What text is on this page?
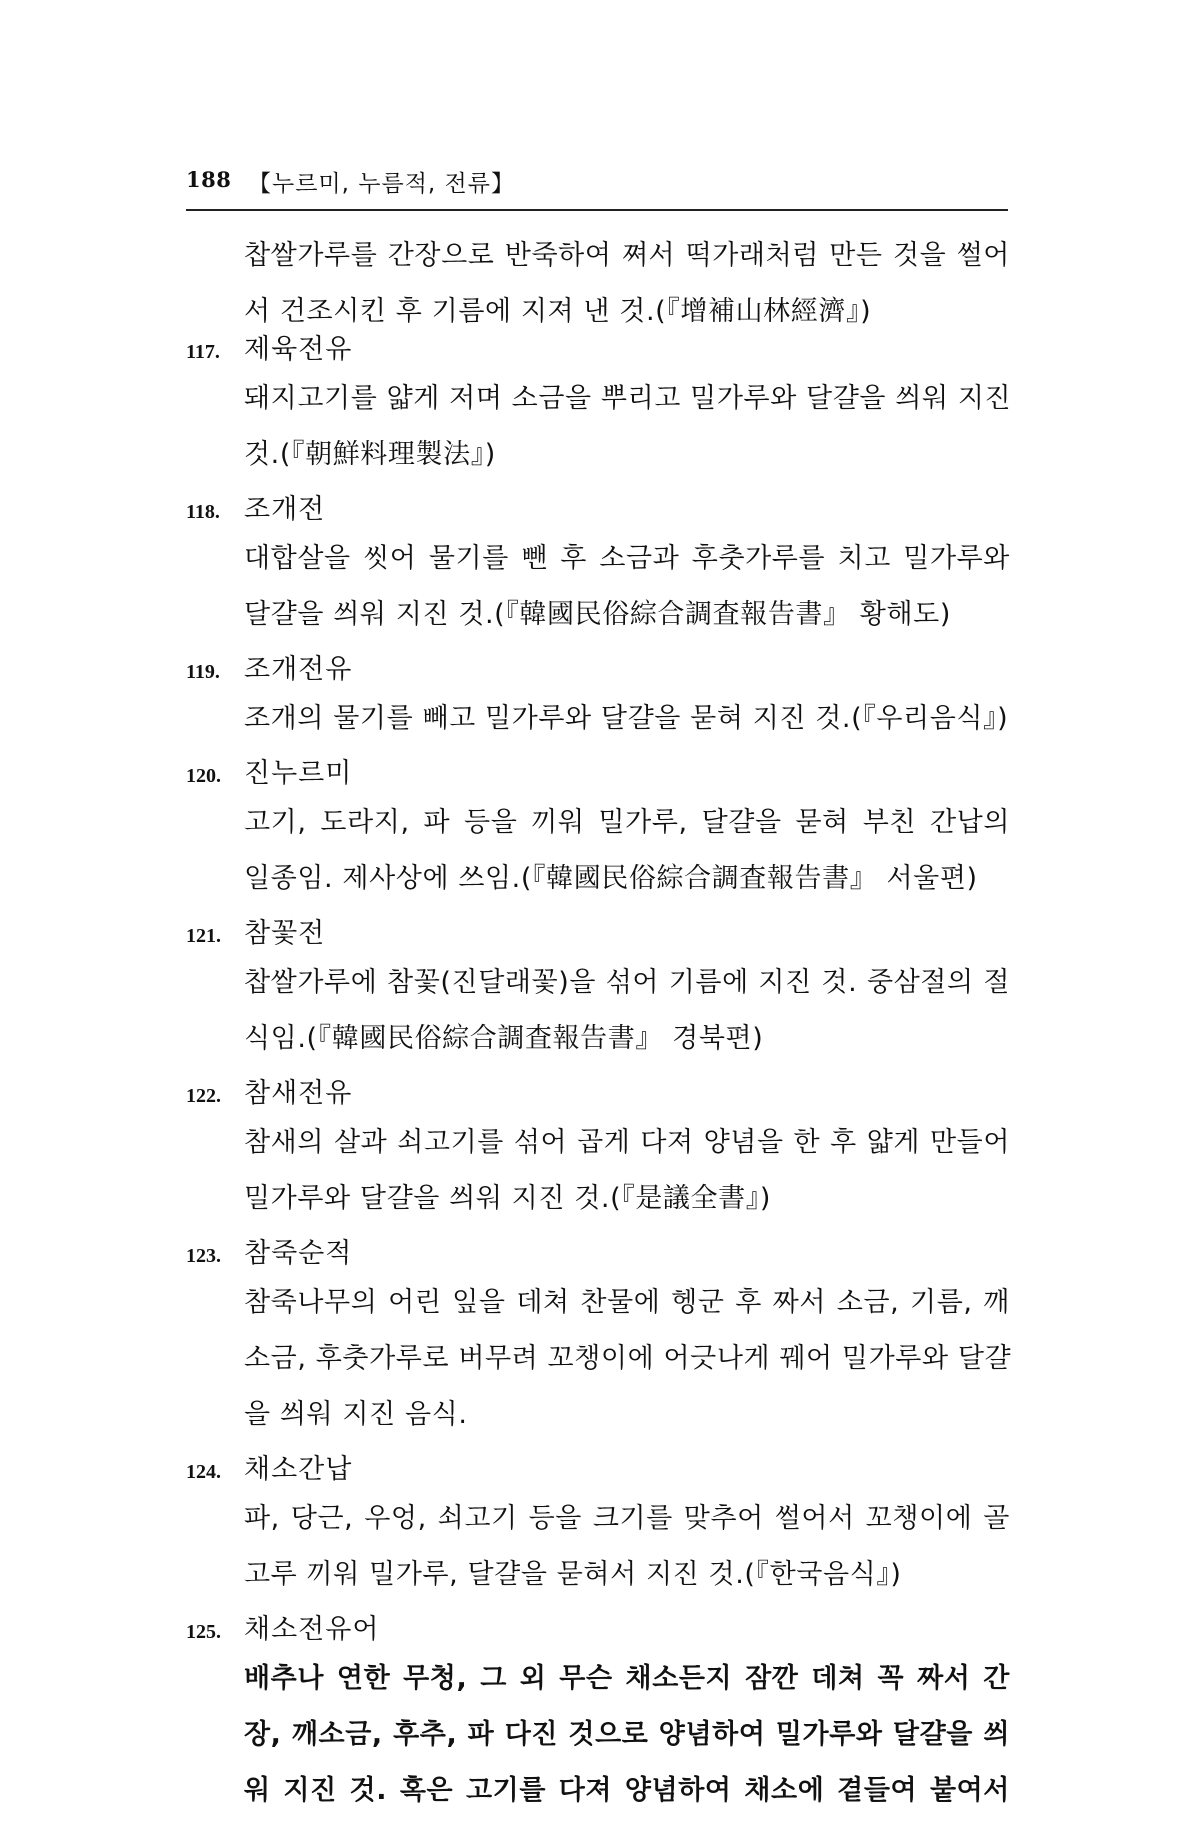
188 【누르미, 누름적, 전류】
찹쌀가루를 간장으로 반죽하여 쪄서 떡가래처럼 만든 것을 썰어
서 건조시킨 후 기름에 지져 낸 것.(『增補山林經濟』)
117. 제육전유
돼지고기를 얇게 저며 소금을 뿌리고 밀가루와 달걀을 씌워 지진
것.(『朝鮮料理製法』)
118. 조개전
대합살을 씻어 물기를 뺀 후 소금과 후춧가루를 치고 밀가루와
달걀을 씌워 지진 것.(『韓國民俗綜合調査報告書』 황해도)
119. 조개전유
조개의 물기를 빼고 밀가루와 달걀을 묻혀 지진 것.(『우리음식』)
120. 진누르미
고기, 도라지, 파 등을 끼워 밀가루, 달걀을 묻혀 부친 간납의
일종임. 제사상에 쓰임.(『韓國民俗綜合調査報告書』 서울편)
121. 참꽃전
찹쌀가루에 참꽃(진달래꽃)을 섞어 기름에 지진 것. 중삼절의 절
식임.(『韓國民俗綜合調査報告書』 경북편)
122. 참새전유
참새의 살과 쇠고기를 섞어 곱게 다져 양념을 한 후 얇게 만들어
밀가루와 달걀을 씌워 지진 것.(『是議全書』)
123. 참죽순적
참죽나무의 어린 잎을 데쳐 찬물에 헹군 후 짜서 소금, 기름, 깨
소금, 후춧가루로 버무려 꼬챙이에 어긋나게 꿰어 밀가루와 달걀
을 씌워 지진 음식.
124. 채소간납
파, 당근, 우엉, 쇠고기 등을 크기를 맞추어 썰어서 꼬챙이에 골
고루 끼워 밀가루, 달걀을 묻혀서 지진 것.(『한국음식』)
125. 채소전유어
배추나 연한 무청, 그 외 무슨 채소든지 잠깐 데쳐 꼭 짜서 간
장, 깨소금, 후추, 파 다진 것으로 양념하여 밀가루와 달걀을 씌
워 지진 것. 혹은 고기를 다져 양념하여 채소에 곁들여 붙여서
